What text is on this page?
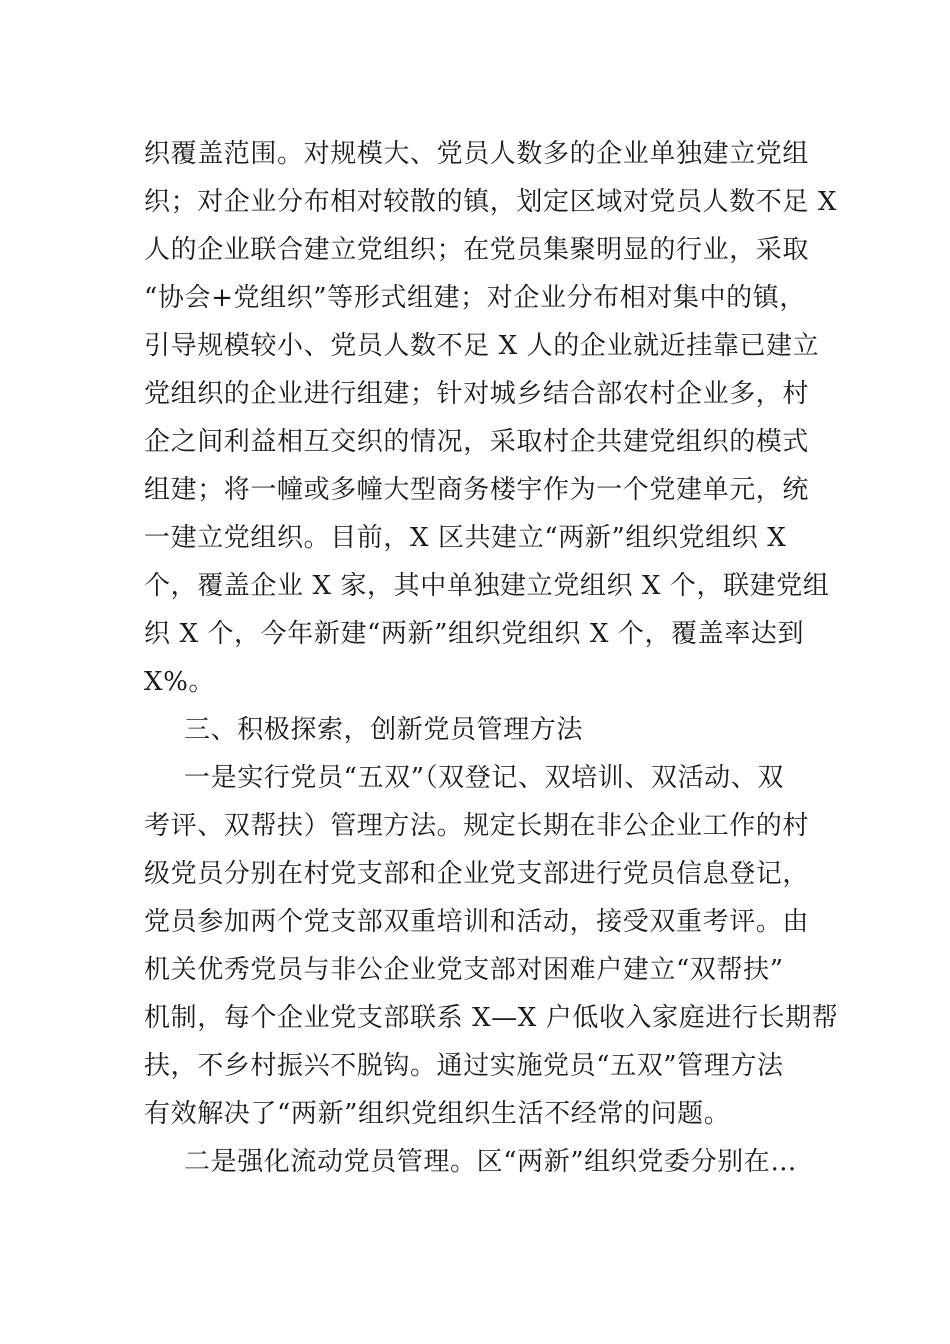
织覆盖范围。对规模大、党员人数多的企业单独建立党组
织；对企业分布相对较散的镇，划定区域对党员人数不足 X
人的企业联合建立党组织；在党员集聚明显的行业，采取
“协会+党组织”等形式组建；对企业分布相对集中的镇，
引导规模较小、党员人数不足 X 人的企业就近挂靠已建立
党组织的企业进行组建；针对城乡结合部农村企业多，村
企之间利益相互交织的情况，采取村企共建党组织的模式
组建；将一幢或多幢大型商务楼宇作为一个党建单元，统
一建立党组织。目前，X 区共建立“两新”组织党组织 X
个，覆盖企业 X 家，其中单独建立党组织 X 个，联建党组
织 X 个，今年新建“两新”组织党组织 X 个，覆盖率达到
X%。
三、积极探索，创新党员管理方法
一是实行党员“五双”（双登记、双培训、双活动、双
考评、双帮扶）管理方法。规定长期在非公企业工作的村
级党员分别在村党支部和企业党支部进行党员信息登记，
党员参加两个党支部双重培训和活动，接受双重考评。由
机关优秀党员与非公企业党支部对困难户建立“双帮扶”
机制，每个企业党支部联系 X—X 户低收入家庭进行长期帮
扶，不乡村振兴不脱钩。通过实施党员“五双”管理方法
有效解决了“两新”组织党组织生活不经常的问题。
二是强化流动党员管理。区“两新”组织党委分别在…
